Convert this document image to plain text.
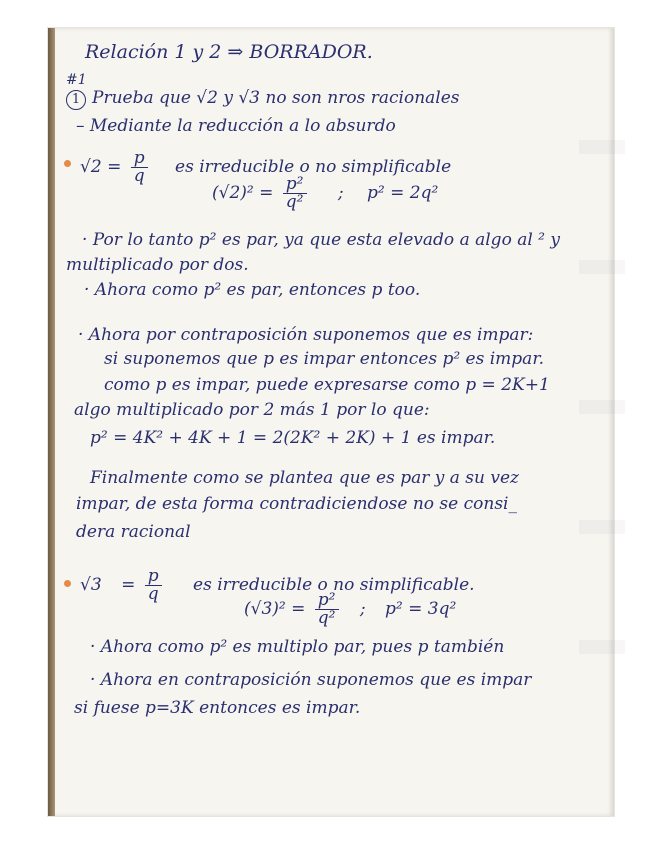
Relación 1 y 2 ⇒ BORRADOR.
#1
1 Prueba que √2 y √3 no son nros racionales
– Mediante la reducción a lo absurdo
$√2 = \frac{p}{q}$ es irreducible o no simplificable
$(√2)^2 = \frac{\text{p²}}{\text{q²}}$ ; p² = 2q²
· Por lo tanto p² es par, ya que esta elevado a algo al ² y
multiplicado por dos.
· Ahora como p² es par, entonces p too.
· Ahora por contraposición suponemos que es impar:
si suponemos que p es impar entonces p² es impar.
como p es impar, puede expresarse como p = 2K+1
algo multiplicado por 2 más 1 por lo que:
p² = 4K² + 4K + 1 = 2(2K² + 2K) + 1 es impar.
Finalmente como se plantea que es par y a su vez
impar, de esta forma contradiciendose no se consi_
dera racional
$√3 = \frac{p}{q}$ es irreducible o no simplificable.
$(√3)^2 = \frac{\text{p²}}{\text{q²}}$ ; p² = 3q²
· Ahora como p² es multiplo par, pues p también
· Ahora en contraposición suponemos que es impar
si fuese p=3K entonces es impar.
